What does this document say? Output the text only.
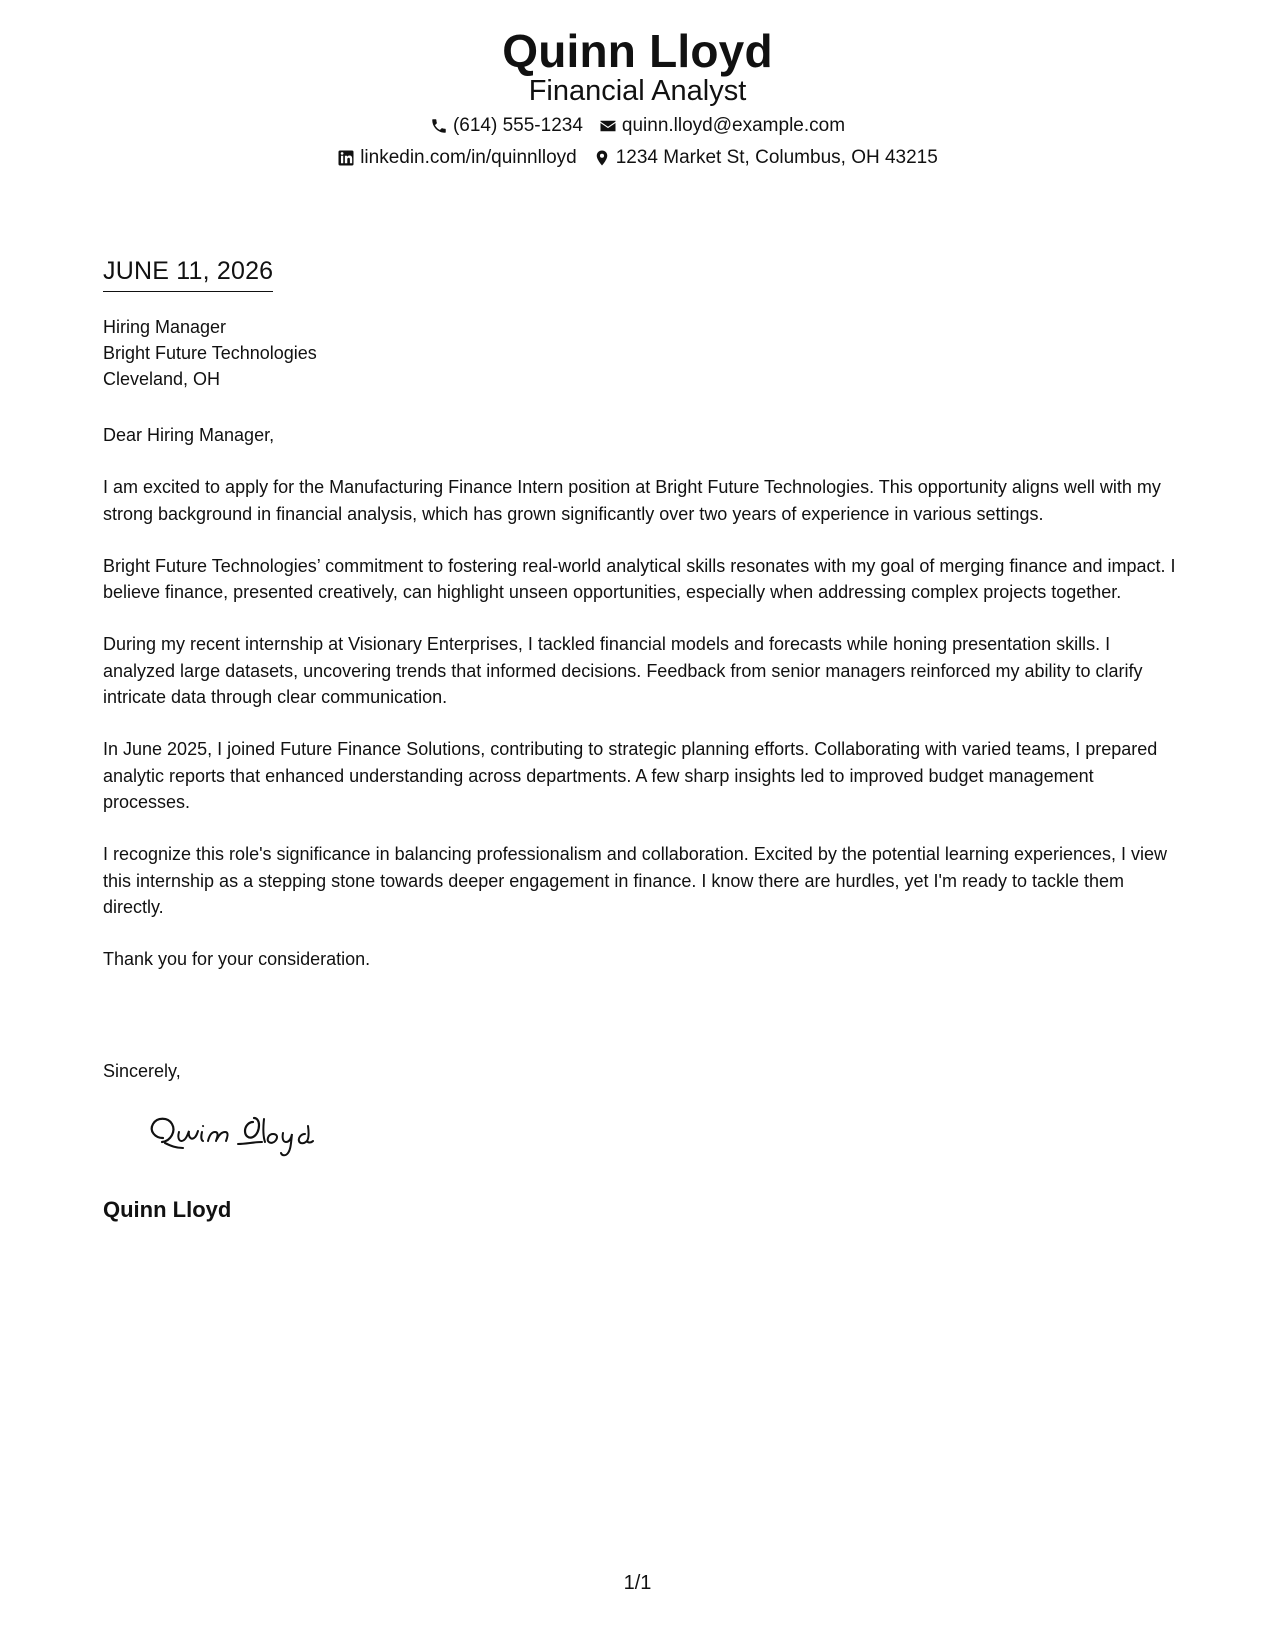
Quinn Lloyd
Financial Analyst
(614) 555-1234 quinn.lloyd@example.com
linkedin.com/in/quinnlloyd 1234 Market St, Columbus, OH 43215
JUNE 11, 2026
Hiring Manager
Bright Future Technologies
Cleveland, OH

Dear Hiring Manager,

I am excited to apply for the Manufacturing Finance Intern position at Bright Future Technologies. This opportunity aligns well with my strong background in financial analysis, which has grown significantly over two years of experience in various settings.

Bright Future Technologies’ commitment to fostering real-world analytical skills resonates with my goal of merging finance and impact. I believe finance, presented creatively, can highlight unseen opportunities, especially when addressing complex projects together.

During my recent internship at Visionary Enterprises, I tackled financial models and forecasts while honing presentation skills. I analyzed large datasets, uncovering trends that informed decisions. Feedback from senior managers reinforced my ability to clarify intricate data through clear communication.

In June 2025, I joined Future Finance Solutions, contributing to strategic planning efforts. Collaborating with varied teams, I prepared analytic reports that enhanced understanding across departments. A few sharp insights led to improved budget management processes.

I recognize this role's significance in balancing professionalism and collaboration. Excited by the potential learning experiences, I view this internship as a stepping stone towards deeper engagement in finance. I know there are hurdles, yet I'm ready to tackle them directly.

Thank you for your consideration.

Sincerely,
Quinn Lloyd
1/1
